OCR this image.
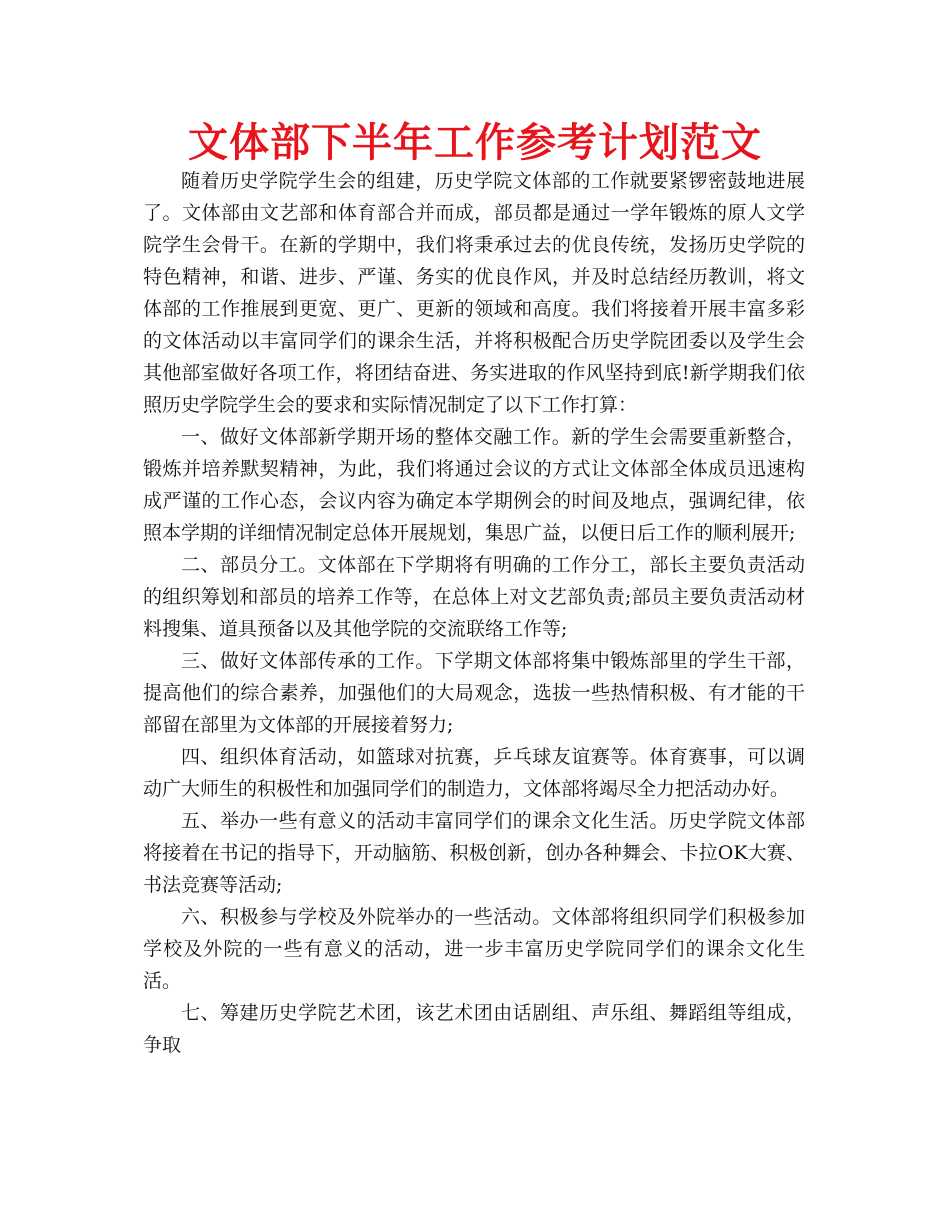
文体部下半年工作参考计划范文

随着历史学院学生会的组建，历史学院文体部的工作就要紧锣密鼓地进展了。文体部由文艺部和体育部合并而成，部员都是通过一学年锻炼的原人文学院学生会骨干。在新的学期中，我们将秉承过去的优良传统，发扬历史学院的特色精神，和谐、进步、严谨、务实的优良作风，并及时总结经历教训，将文体部的工作推展到更宽、更广、更新的领域和高度。我们将接着开展丰富多彩的文体活动以丰富同学们的课余生活，并将积极配合历史学院团委以及学生会其他部室做好各项工作，将团结奋进、务实进取的作风坚持到底!新学期我们依照历史学院学生会的要求和实际情况制定了以下工作打算：

一、做好文体部新学期开场的整体交融工作。新的学生会需要重新整合，锻炼并培养默契精神，为此，我们将通过会议的方式让文体部全体成员迅速构成严谨的工作心态，会议内容为确定本学期例会的时间及地点，强调纪律，依照本学期的详细情况制定总体开展规划，集思广益，以便日后工作的顺利展开;

二、部员分工。文体部在下学期将有明确的工作分工，部长主要负责活动的组织筹划和部员的培养工作等，在总体上对文艺部负责;部员主要负责活动材料搜集、道具预备以及其他学院的交流联络工作等;

三、做好文体部传承的工作。下学期文体部将集中锻炼部里的学生干部，提高他们的综合素养，加强他们的大局观念，选拔一些热情积极、有才能的干部留在部里为文体部的开展接着努力;

四、组织体育活动，如篮球对抗赛，乒乓球友谊赛等。体育赛事，可以调动广大师生的积极性和加强同学们的制造力，文体部将竭尽全力把活动办好。

五、举办一些有意义的活动丰富同学们的课余文化生活。历史学院文体部将接着在书记的指导下，开动脑筋、积极创新，创办各种舞会、卡拉OK大赛、书法竞赛等活动;

六、积极参与学校及外院举办的一些活动。文体部将组织同学们积极参加学校及外院的一些有意义的活动，进一步丰富历史学院同学们的课余文化生活。

七、筹建历史学院艺术团，该艺术团由话剧组、声乐组、舞蹈组等组成，争取
